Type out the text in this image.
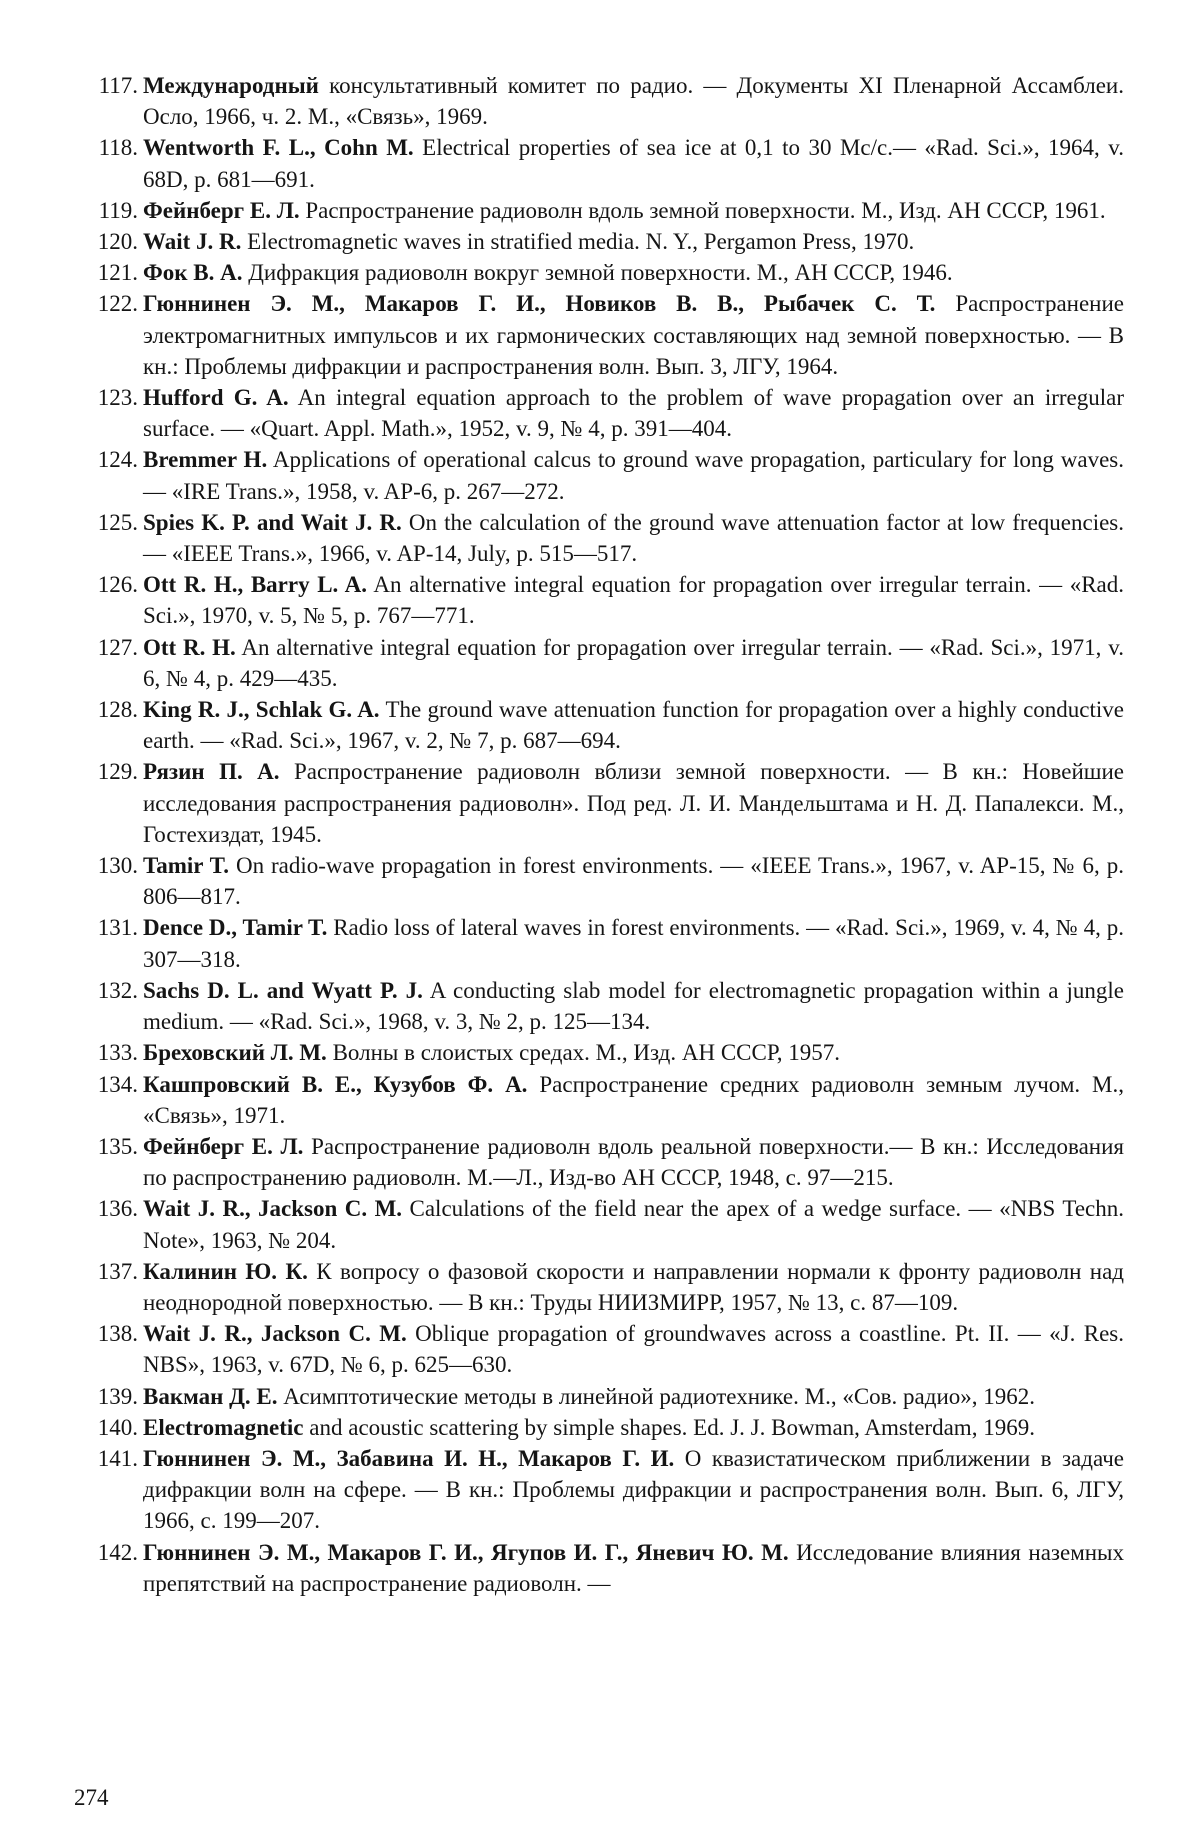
117. Международный консультативный комитет по радио. — Документы XI Пленарной Ассамблеи. Осло, 1966, ч. 2. М., «Связь», 1969.
118. Wentworth F. L., Cohn M. Electrical properties of sea ice at 0,1 to 30 Mc/c.— «Rad. Sci.», 1964, v. 68D, p. 681—691.
119. Фейнберг Е. Л. Распространение радиоволн вдоль земной поверхности. М., Изд. АН СССР, 1961.
120. Wait J. R. Electromagnetic waves in stratified media. N. Y., Pergamon Press, 1970.
121. Фок В. А. Дифракция радиоволн вокруг земной поверхности. М., АН СССР, 1946.
122. Гюннинен Э. М., Макаров Г. И., Новиков В. В., Рыбачек С. Т. Распространение электромагнитных импульсов и их гармонических составляющих над земной поверхностью. — В кн.: Проблемы дифракции и распространения волн. Вып. 3, ЛГУ, 1964.
123. Hufford G. A. An integral equation approach to the problem of wave propagation over an irregular surface. — «Quart. Appl. Math.», 1952, v. 9, № 4, p. 391—404.
124. Bremmer H. Applications of operational calcus to ground wave propagation, particulary for long waves. — «IRE Trans.», 1958, v. AP-6, p. 267—272.
125. Spies K. P. and Wait J. R. On the calculation of the ground wave attenuation factor at low frequencies. — «IEEE Trans.», 1966, v. AP-14, July, p. 515—517.
126. Ott R. H., Barry L. A. An alternative integral equation for propagation over irregular terrain. — «Rad. Sci.», 1970, v. 5, № 5, p. 767—771.
127. Ott R. H. An alternative integral equation for propagation over irregular terrain. — «Rad. Sci.», 1971, v. 6, № 4, p. 429—435.
128. King R. J., Schlak G. A. The ground wave attenuation function for propagation over a highly conductive earth. — «Rad. Sci.», 1967, v. 2, № 7, p. 687—694.
129. Рязин П. А. Распространение радиоволн вблизи земной поверхности. — В кн.: Новейшие исследования распространения радиоволн». Под ред. Л. И. Мандельштама и Н. Д. Папалекси. М., Гостехиздат, 1945.
130. Tamir T. On radio-wave propagation in forest environments. — «IEEE Trans.», 1967, v. AP-15, № 6, p. 806—817.
131. Dence D., Tamir T. Radio loss of lateral waves in forest environments. — «Rad. Sci.», 1969, v. 4, № 4, p. 307—318.
132. Sachs D. L. and Wyatt P. J. A conducting slab model for electromagnetic propagation within a jungle medium. — «Rad. Sci.», 1968, v. 3, № 2, p. 125—134.
133. Бреховский Л. М. Волны в слоистых средах. М., Изд. АН СССР, 1957.
134. Кашпровский В. Е., Кузубов Ф. А. Распространение средних радиоволн земным лучом. М., «Связь», 1971.
135. Фейнберг Е. Л. Распространение радиоволн вдоль реальной поверхности.— В кн.: Исследования по распространению радиоволн. М.—Л., Изд-во АН СССР, 1948, с. 97—215.
136. Wait J. R., Jackson C. M. Calculations of the field near the apex of a wedge surface. — «NBS Techn. Note», 1963, № 204.
137. Калинин Ю. К. К вопросу о фазовой скорости и направлении нормали к фронту радиоволн над неоднородной поверхностью. — В кн.: Труды НИИЗМИРР, 1957, № 13, с. 87—109.
138. Wait J. R., Jackson C. M. Oblique propagation of groundwaves across a coastline. Pt. II. — «J. Res. NBS», 1963, v. 67D, № 6, p. 625—630.
139. Вакман Д. Е. Асимптотические методы в линейной радиотехнике. М., «Сов. радио», 1962.
140. Electromagnetic and acoustic scattering by simple shapes. Ed. J. J. Bowman, Amsterdam, 1969.
141. Гюннинен Э. М., Забавина И. Н., Макаров Г. И. О квазистатическом приближении в задаче дифракции волн на сфере. — В кн.: Проблемы дифракции и распространения волн. Вып. 6, ЛГУ, 1966, с. 199—207.
142. Гюннинен Э. М., Макаров Г. И., Ягупов И. Г., Яневич Ю. М. Исследование влияния наземных препятствий на распространение радиоволн. —
274
